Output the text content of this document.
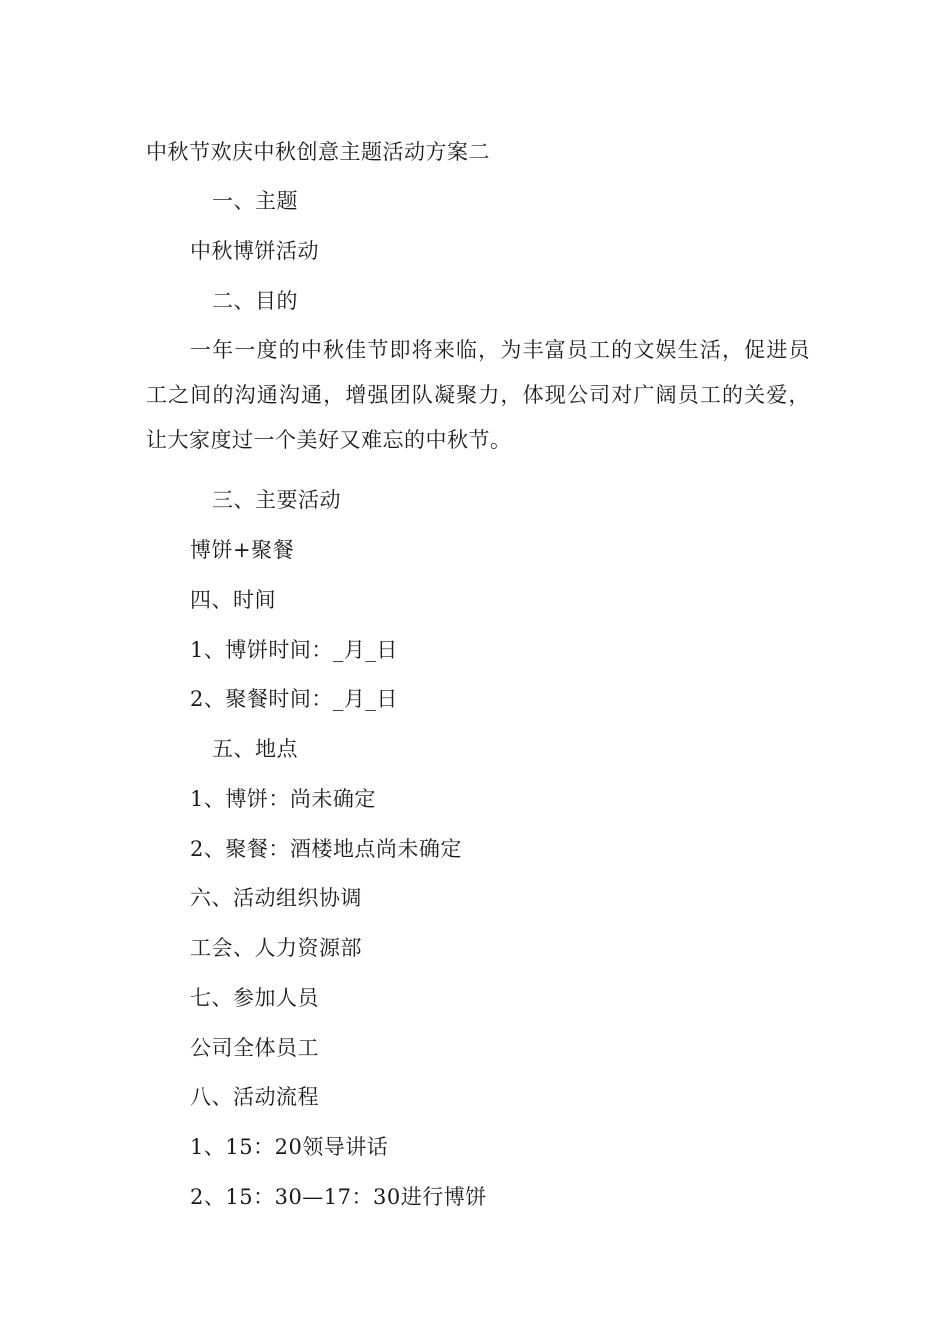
中秋节欢庆中秋创意主题活动方案二
一、主题
中秋博饼活动
二、目的
一年一度的中秋佳节即将来临，为丰富员工的文娱生活，促进员工之间的沟通沟通，增强团队凝聚力，体现公司对广阔员工的关爱，让大家度过一个美好又难忘的中秋节。
三、主要活动
博饼+聚餐
四、时间
1、博饼时间：_月_日
2、聚餐时间：_月_日
五、地点
1、博饼：尚未确定
2、聚餐：酒楼地点尚未确定
六、活动组织协调
工会、人力资源部
七、参加人员
公司全体员工
八、活动流程
1、15：20领导讲话
2、15：30—17：30进行博饼
